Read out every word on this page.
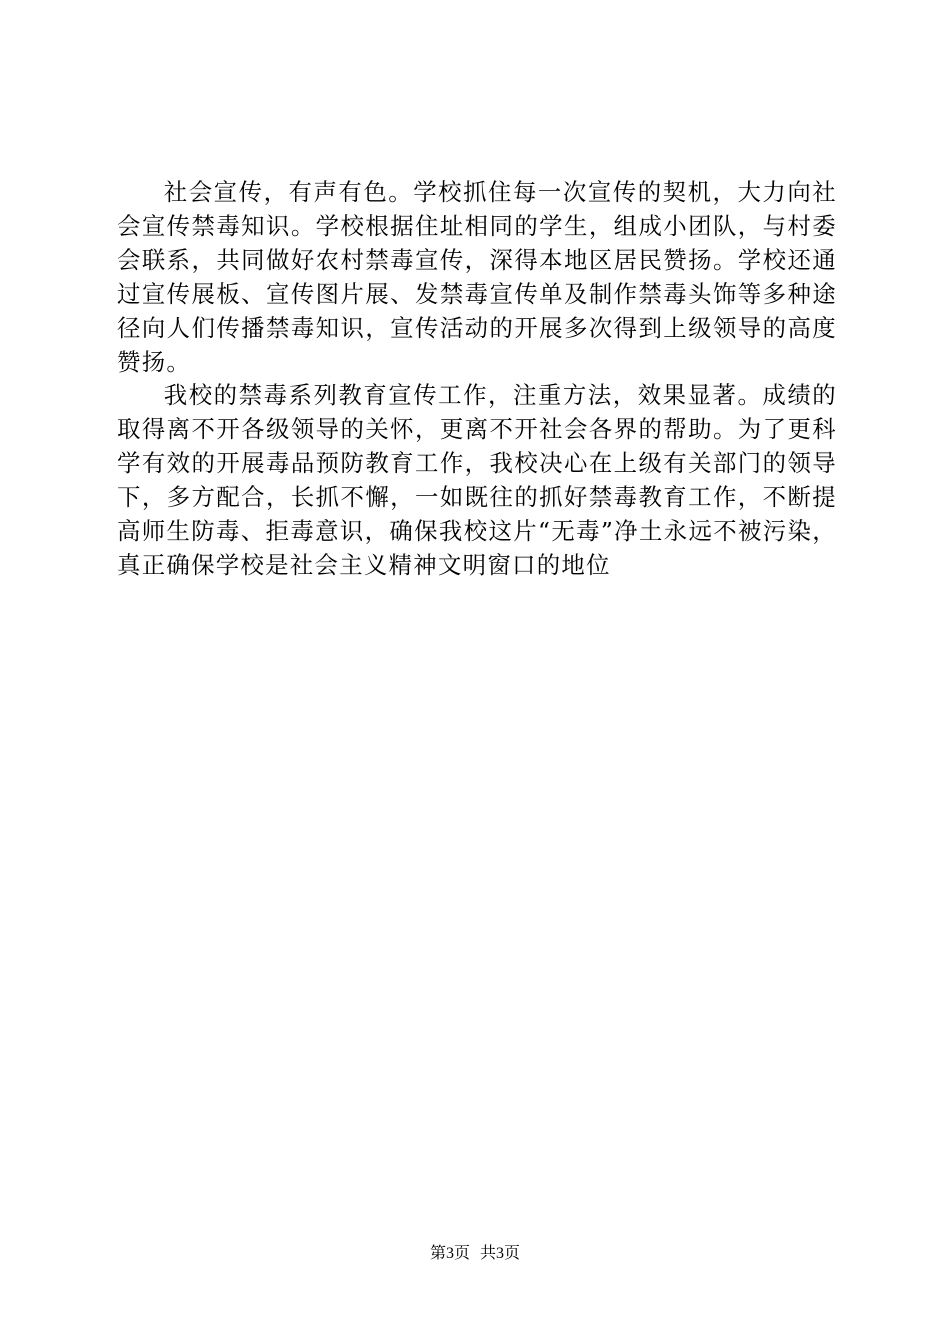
社会宣传，有声有色。学校抓住每一次宣传的契机，大力向社会宣传禁毒知识。学校根据住址相同的学生，组成小团队，与村委会联系，共同做好农村禁毒宣传，深得本地区居民赞扬。学校还通过宣传展板、宣传图片展、发禁毒宣传单及制作禁毒头饰等多种途径向人们传播禁毒知识，宣传活动的开展多次得到上级领导的高度赞扬。

我校的禁毒系列教育宣传工作，注重方法，效果显著。成绩的取得离不开各级领导的关怀，更离不开社会各界的帮助。为了更科学有效的开展毒品预防教育工作，我校决心在上级有关部门的领导下，多方配合，长抓不懈，一如既往的抓好禁毒教育工作，不断提高师生防毒、拒毒意识，确保我校这片“无毒”净土永远不被污染，真正确保学校是社会主义精神文明窗口的地位

第3页 共3页
